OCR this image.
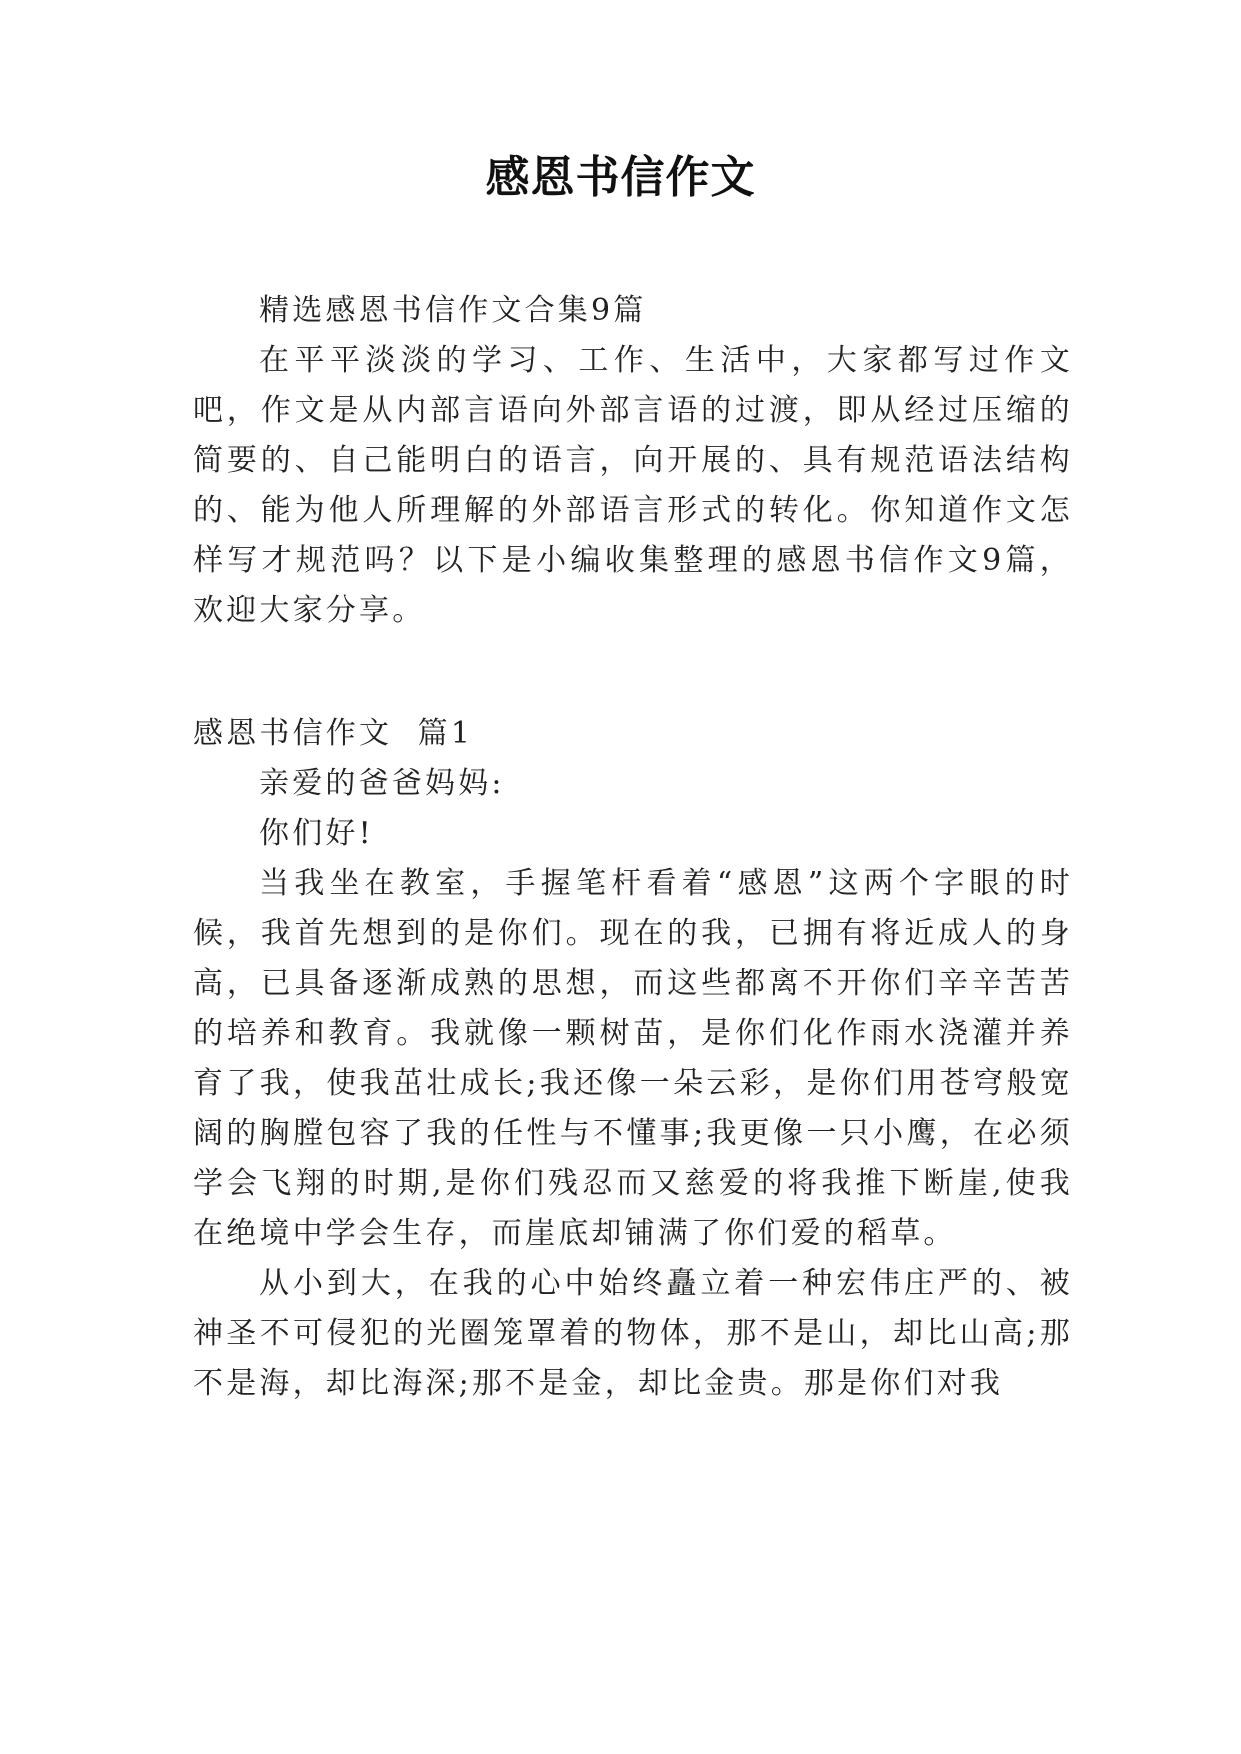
感恩书信作文

精选感恩书信作文合集9篇

在平平淡淡的学习、工作、生活中，大家都写过作文吧，作文是从内部言语向外部言语的过渡，即从经过压缩的简要的、自己能明白的语言，向开展的、具有规范语法结构的、能为他人所理解的外部语言形式的转化。你知道作文怎样写才规范吗？以下是小编收集整理的感恩书信作文9篇，欢迎大家分享。

感恩书信作文  篇1

亲爱的爸爸妈妈:

你们好!

当我坐在教室，手握笔杆看着“感恩”这两个字眼的时候，我首先想到的是你们。现在的我，已拥有将近成人的身高，已具备逐渐成熟的思想，而这些都离不开你们辛辛苦苦的培养和教育。我就像一颗树苗，是你们化作雨水浇灌并养育了我，使我茁壮成长;我还像一朵云彩，是你们用苍穹般宽阔的胸膛包容了我的任性与不懂事;我更像一只小鹰，在必须学会飞翔的时期,是你们残忍而又慈爱的将我推下断崖,使我在绝境中学会生存，而崖底却铺满了你们爱的稻草。

从小到大，在我的心中始终矗立着一种宏伟庄严的、被神圣不可侵犯的光圈笼罩着的物体，那不是山，却比山高;那不是海，却比海深;那不是金，却比金贵。那是你们对我
